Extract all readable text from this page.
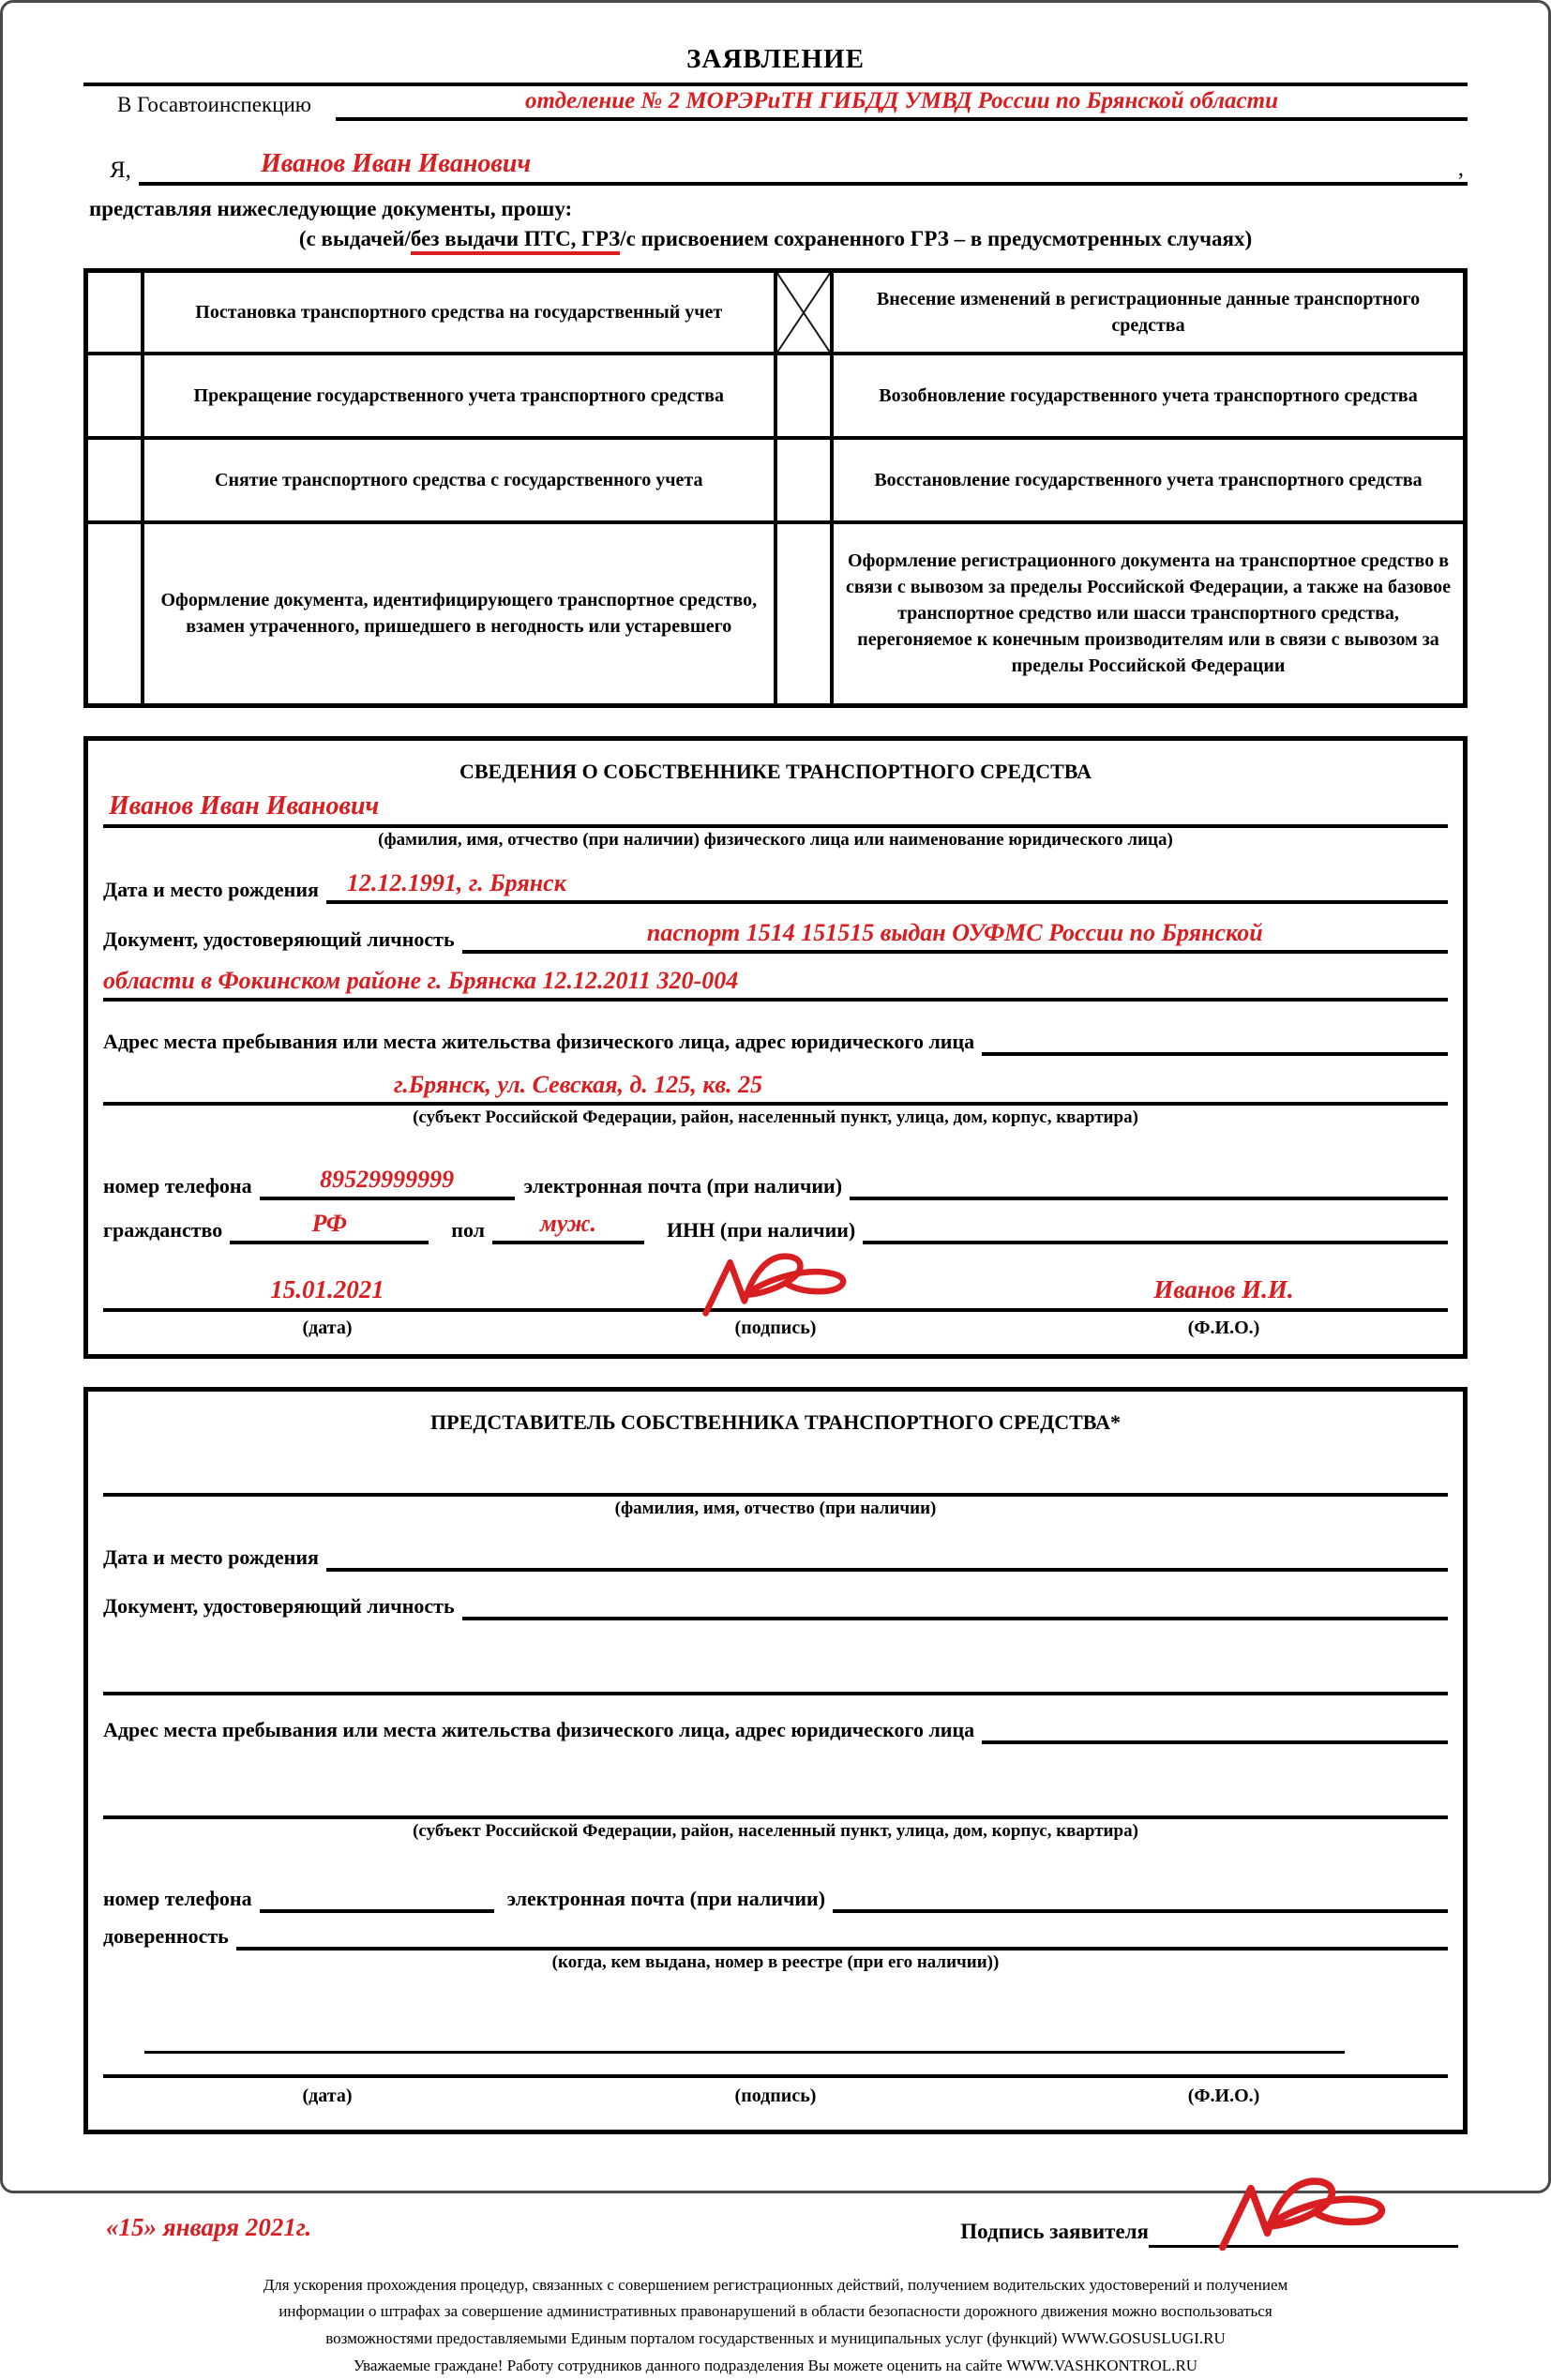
ЗАЯВЛЕНИЕ
В Госавтоинспекцию	отделение № 2 МОРЭРиТН ГИБДД УМВД России по Брянской области
Я,	Иванов Иван Иванович	,
представляя нижеследующие документы, прошу:
(с выдачей/без выдачи ПТС, ГРЗ/с присвоением сохраненного ГРЗ – в предусмотренных случаях)
	Постановка транспортного средства на государственный учет		Внесение изменений в регистрационные данные транспортного средства
	Прекращение государственного учета транспортного средства		Возобновление государственного учета транспортного средства
	Снятие транспортного средства с государственного учета		Восстановление государственного учета транспортного средства
	Оформление документа, идентифицирующего транспортное средство, взамен утраченного, пришедшего в негодность или устаревшего		Оформление регистрационного документа на транспортное средство в связи с вывозом за пределы Российской Федерации, а также на базовое транспортное средство или шасси транспортного средства, перегоняемое к конечным производителям или в связи с вывозом за пределы Российской Федерации
СВЕДЕНИЯ О СОБСТВЕННИКЕ ТРАНСПОРТНОГО СРЕДСТВА
Иванов Иван Иванович
(фамилия, имя, отчество (при наличии) физического лица или наименование юридического лица)
Дата и место рождения	12.12.1991, г. Брянск
Документ, удостоверяющий личность	паспорт 1514 151515 выдан ОУФМС России по Брянской
области в Фокинском районе г. Брянска 12.12.2011 320-004
Адрес места пребывания или места жительства физического лица, адрес юридического лица
г.Брянск, ул. Севская, д. 125, кв. 25
(субъект Российской Федерации, район, населенный пункт, улица, дом, корпус, квартира)
номер телефона	89529999999	электронная почта (при наличии)
гражданство	РФ	пол	муж.	ИНН (при наличии)
15.01.2021	Иванов И.И.
(дата)	(подпись)	(Ф.И.О.)
ПРЕДСТАВИТЕЛЬ СОБСТВЕННИКА ТРАНСПОРТНОГО СРЕДСТВА*
(фамилия, имя, отчество (при наличии)
Дата и место рождения
Документ, удостоверяющий личность
Адрес места пребывания или места жительства физического лица, адрес юридического лица
(субъект Российской Федерации, район, населенный пункт, улица, дом, корпус, квартира)
номер телефона	электронная почта (при наличии)
доверенность
(когда, кем выдана, номер в реестре (при его наличии))
(дата)	(подпись)	(Ф.И.О.)
«15» января 2021г.	Подпись заявителя
Для ускорения прохождения процедур, связанных с совершением регистрационных действий, получением водительских удостоверений и получением
информации о штрафах за совершение административных правонарушений в области безопасности дорожного движения можно воспользоваться
возможностями предоставляемыми Единым порталом государственных и муниципальных услуг (функций) WWW.GOSUSLUGI.RU
Уважаемые граждане! Работу сотрудников данного подразделения Вы можете оценить на сайте WWW.VASHKONTROL.RU
